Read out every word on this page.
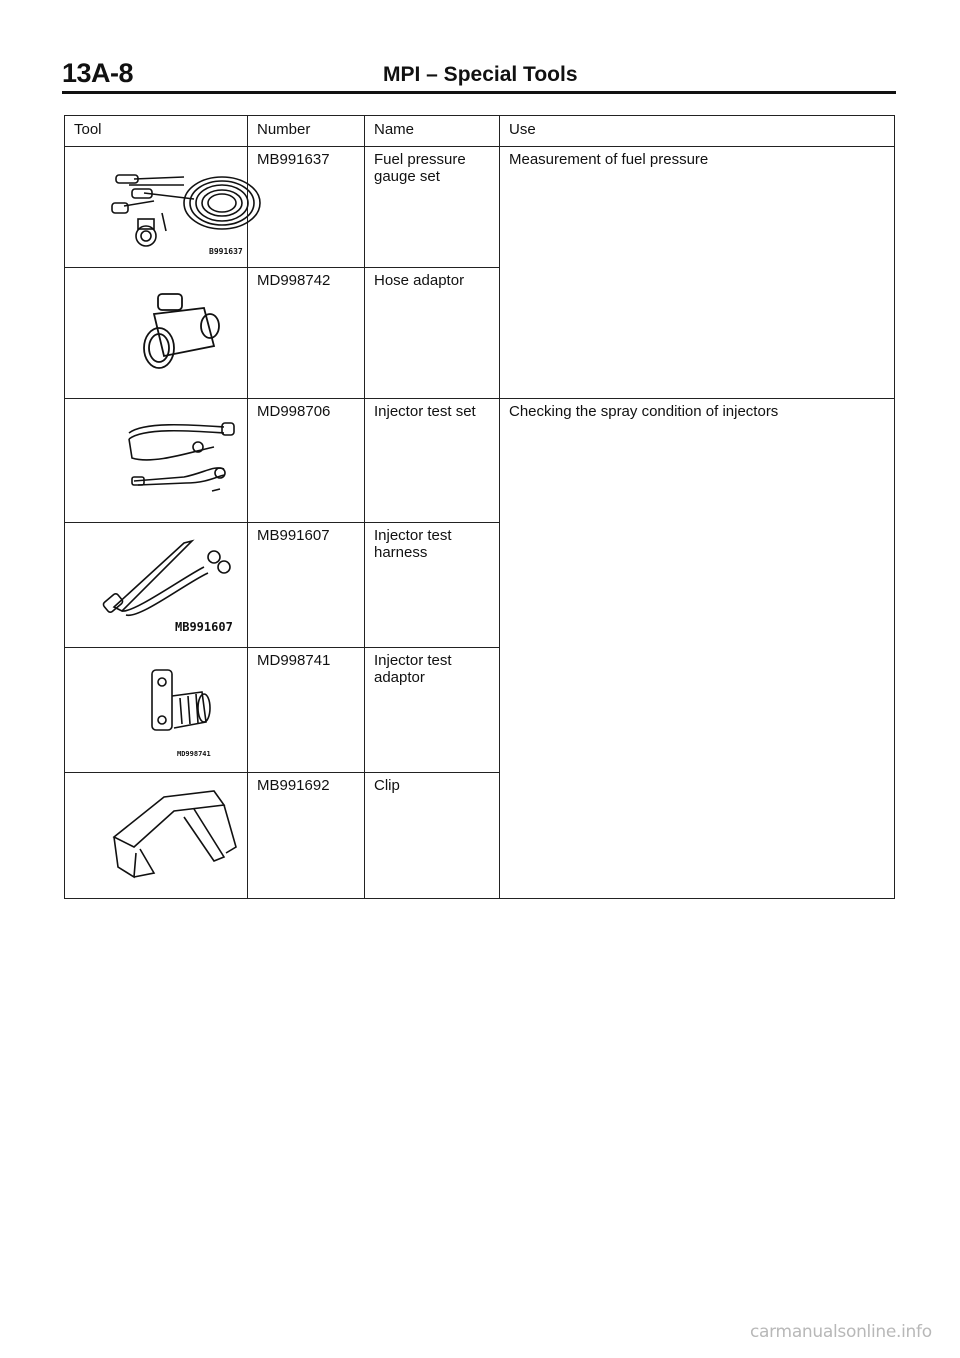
13A-8	MPI – Special Tools
Tool	Number	Name	Use

B991637	MB991637	Fuel pressure
gauge set	Measurement of fuel pressure

	MD998742	Hose adaptor	

	MD998706	Injector test set	Checking the spray condition of injectors

MB991607	MB991607	Injector test
harness	

MD998741	MD998741	Injector test
adaptor	

	MB991692	Clip	
carmanualsonline.info
